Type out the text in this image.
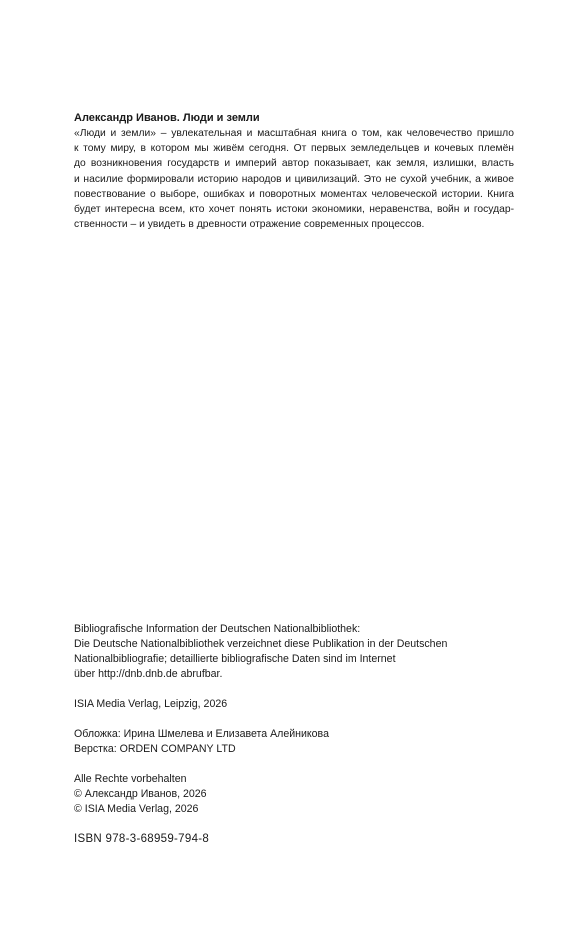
Александр Иванов. Люди и земли

«Люди и земли» – увлекательная и масштабная книга о том, как человечество пришло
к тому миру, в котором мы живём сегодня. От первых земледельцев и кочевых племён
до возникновения государств и империй автор показывает, как земля, излишки, власть
и насилие формировали историю народов и цивилизаций. Это не сухой учебник, а живое
повествование о выборе, ошибках и поворотных моментах человеческой истории. Книга
будет интересна всем, кто хочет понять истоки экономики, неравенства, войн и государ-
ственности – и увидеть в древности отражение современных процессов.

Bibliografische Information der Deutschen Nationalbibliothek:

Die Deutsche Nationalbibliothek verzeichnet diese Publikation in der Deutschen

Nationalbibliografie; detaillierte bibliografische Daten sind im Internet

über http://dnb.dnb.de abrufbar.

ISIA Media Verlag, Leipzig, 2026

Обложка: Ирина Шмелева и Елизавета Алейникова

Верстка: ORDEN COMPANY LTD

Alle Rechte vorbehalten

© Александр Иванов, 2026

© ISIA Media Verlag, 2026

ISBN 978-3-68959-794-8
